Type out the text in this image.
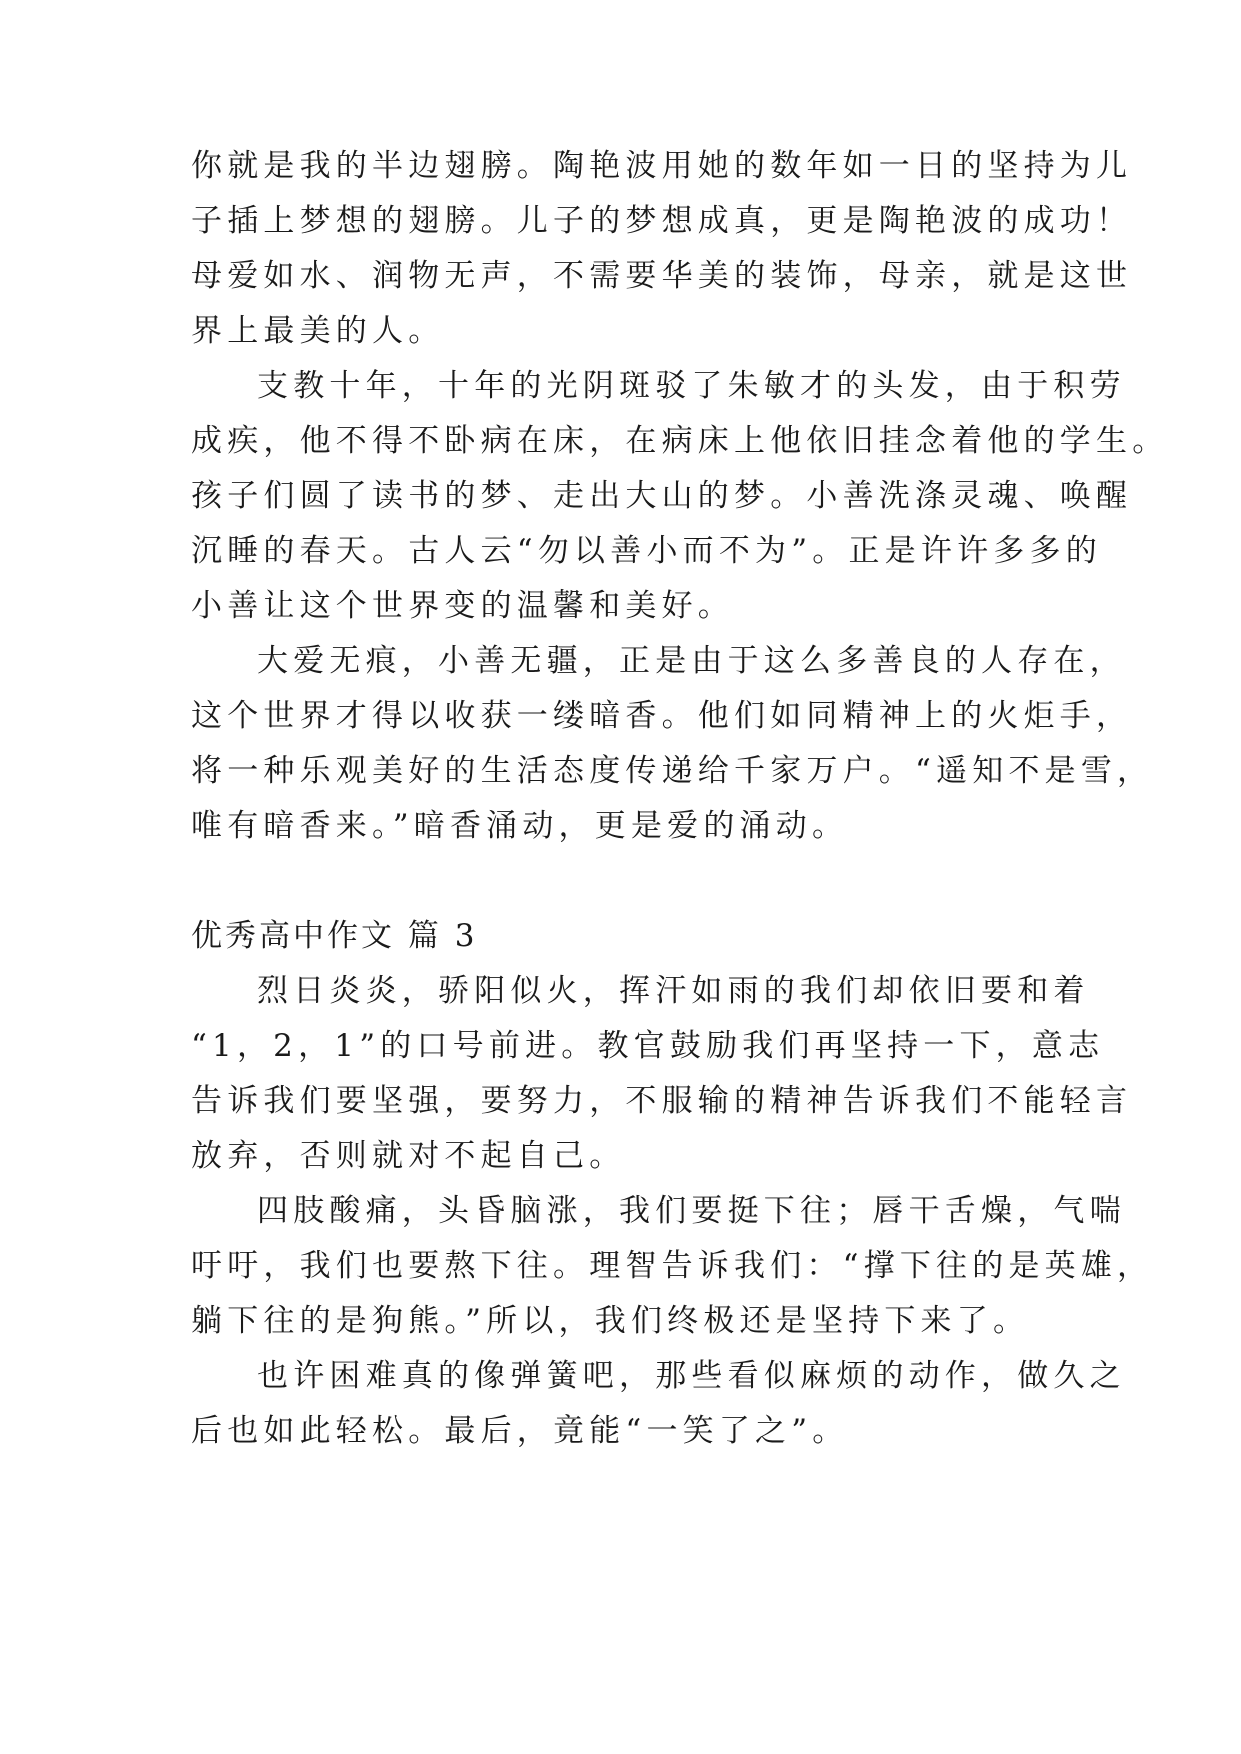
你就是我的半边翅膀。陶艳波用她的数年如一日的坚持为儿
子插上梦想的翅膀。儿子的梦想成真，更是陶艳波的成功！
母爱如水、润物无声，不需要华美的装饰，母亲，就是这世
界上最美的人。
支教十年，十年的光阴斑驳了朱敏才的头发，由于积劳
成疾，他不得不卧病在床，在病床上他依旧挂念着他的学生。
孩子们圆了读书的梦、走出大山的梦。小善洗涤灵魂、唤醒
沉睡的春天。古人云“勿以善小而不为”。正是许许多多的
小善让这个世界变的温馨和美好。
大爱无痕，小善无疆，正是由于这么多善良的人存在，
这个世界才得以收获一缕暗香。他们如同精神上的火炬手，
将一种乐观美好的生活态度传递给千家万户。“遥知不是雪，
唯有暗香来。”暗香涌动，更是爱的涌动。
优秀高中作文 篇 3
烈日炎炎，骄阳似火，挥汗如雨的我们却依旧要和着
“1，2，1”的口号前进。教官鼓励我们再坚持一下，意志
告诉我们要坚强，要努力，不服输的精神告诉我们不能轻言
放弃，否则就对不起自己。
四肢酸痛，头昏脑涨，我们要挺下往；唇干舌燥，气喘
吁吁，我们也要熬下往。理智告诉我们：“撑下往的是英雄，
躺下往的是狗熊。”所以，我们终极还是坚持下来了。
也许困难真的像弹簧吧，那些看似麻烦的动作，做久之
后也如此轻松。最后，竟能“一笑了之”。
